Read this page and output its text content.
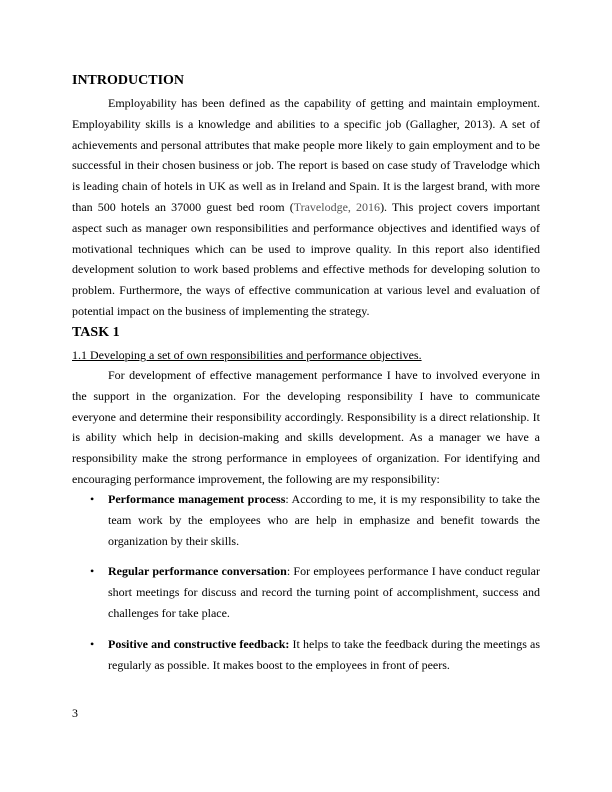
INTRODUCTION

Employability has been defined as the capability of getting and maintain employment. Employability skills is a knowledge and abilities to a specific job (Gallagher, 2013). A set of achievements and personal attributes that make people more likely to gain employment and to be successful in their chosen business or job. The report is based on case study of Travelodge which is leading chain of hotels in UK as well as in Ireland and Spain. It is the largest brand, with more than 500 hotels an 37000 guest bed room (Travelodge, 2016). This project covers important aspect such as manager own responsibilities and performance objectives and identified ways of motivational techniques which can be used to improve quality. In this report also identified development solution to work based problems and effective methods for developing solution to problem. Furthermore, the ways of effective communication at various level and evaluation of potential impact on the business of implementing the strategy.

TASK 1

1.1 Developing a set of own responsibilities and performance objectives.

For development of effective management performance I have to involved everyone in the support in the organization. For the developing responsibility I have to communicate everyone and determine their responsibility accordingly. Responsibility is a direct relationship. It is ability which help in decision-making and skills development. As a manager we have a responsibility make the strong performance in employees of organization. For identifying and encouraging performance improvement, the following are my responsibility:

• Performance management process: According to me, it is my responsibility to take the team work by the employees who are help in emphasize and benefit towards the organization by their skills.
• Regular performance conversation: For employees performance I have conduct regular short meetings for discuss and record the turning point of accomplishment, success and challenges for take place.
• Positive and constructive feedback: It helps to take the feedback during the meetings as regularly as possible. It makes boost to the employees in front of peers.
3
